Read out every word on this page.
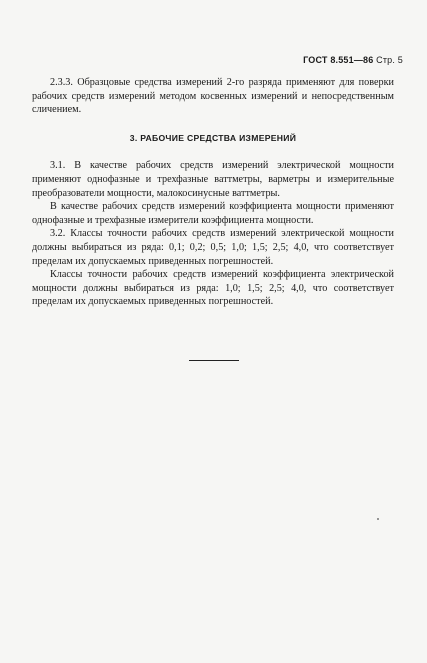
ГОСТ 8.551—86 Стр. 5

2.3.3. Образцовые средства измерений 2-го разряда применяют для поверки рабочих средств измерений методом косвенных измерений и непосредственным сличением.

3. РАБОЧИЕ СРЕДСТВА ИЗМЕРЕНИЙ

3.1. В качестве рабочих средств измерений электрической мощности применяют однофазные и трехфазные ваттметры, варметры и измерительные преобразователи мощности, малокосинусные ваттметры.

В качестве рабочих средств измерений коэффициента мощности применяют однофазные и трехфазные измерители коэффициента мощности.

3.2. Классы точности рабочих средств измерений электрической мощности должны выбираться из ряда: 0,1; 0,2; 0,5; 1,0; 1,5; 2,5; 4,0, что соответствует пределам их допускаемых приведенных погрешностей.

Классы точности рабочих средств измерений коэффициента электрической мощности должны выбираться из ряда: 1,0; 1,5; 2,5; 4,0, что соответствует пределам их допускаемых приведенных погрешностей.
